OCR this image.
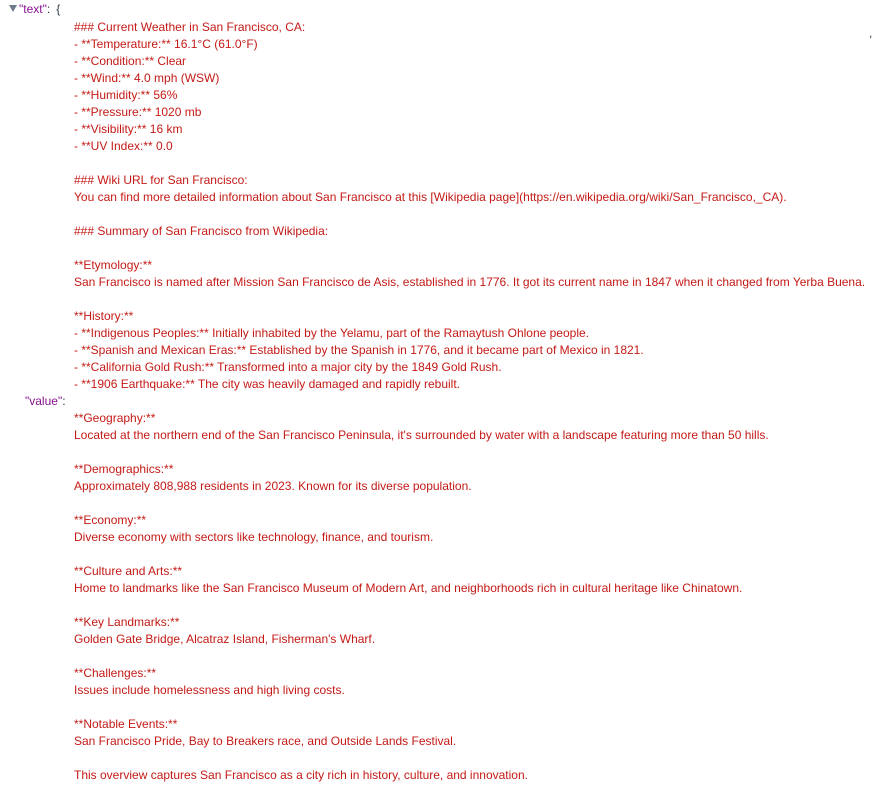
"text": {
,
"value":
### Current Weather in San Francisco, CA:
- **Temperature:** 16.1°C (61.0°F)
- **Condition:** Clear
- **Wind:** 4.0 mph (WSW)
- **Humidity:** 56%
- **Pressure:** 1020 mb
- **Visibility:** 16 km
- **UV Index:** 0.0

### Wiki URL for San Francisco:
You can find more detailed information about San Francisco at this [Wikipedia page](https://en.wikipedia.org/wiki/San_Francisco,_CA).

### Summary of San Francisco from Wikipedia:

**Etymology:**
San Francisco is named after Mission San Francisco de Asis, established in 1776. It got its current name in 1847 when it changed from Yerba Buena.

**History:**
- **Indigenous Peoples:** Initially inhabited by the Yelamu, part of the Ramaytush Ohlone people.
- **Spanish and Mexican Eras:** Established by the Spanish in 1776, and it became part of Mexico in 1821.
- **California Gold Rush:** Transformed into a major city by the 1849 Gold Rush.
- **1906 Earthquake:** The city was heavily damaged and rapidly rebuilt.

**Geography:**
Located at the northern end of the San Francisco Peninsula, it's surrounded by water with a landscape featuring more than 50 hills.

**Demographics:**
Approximately 808,988 residents in 2023. Known for its diverse population.

**Economy:**
Diverse economy with sectors like technology, finance, and tourism.

**Culture and Arts:**
Home to landmarks like the San Francisco Museum of Modern Art, and neighborhoods rich in cultural heritage like Chinatown.

**Key Landmarks:**
Golden Gate Bridge, Alcatraz Island, Fisherman's Wharf.

**Challenges:**
Issues include homelessness and high living costs.

**Notable Events:**
San Francisco Pride, Bay to Breakers race, and Outside Lands Festival.

This overview captures San Francisco as a city rich in history, culture, and innovation.
